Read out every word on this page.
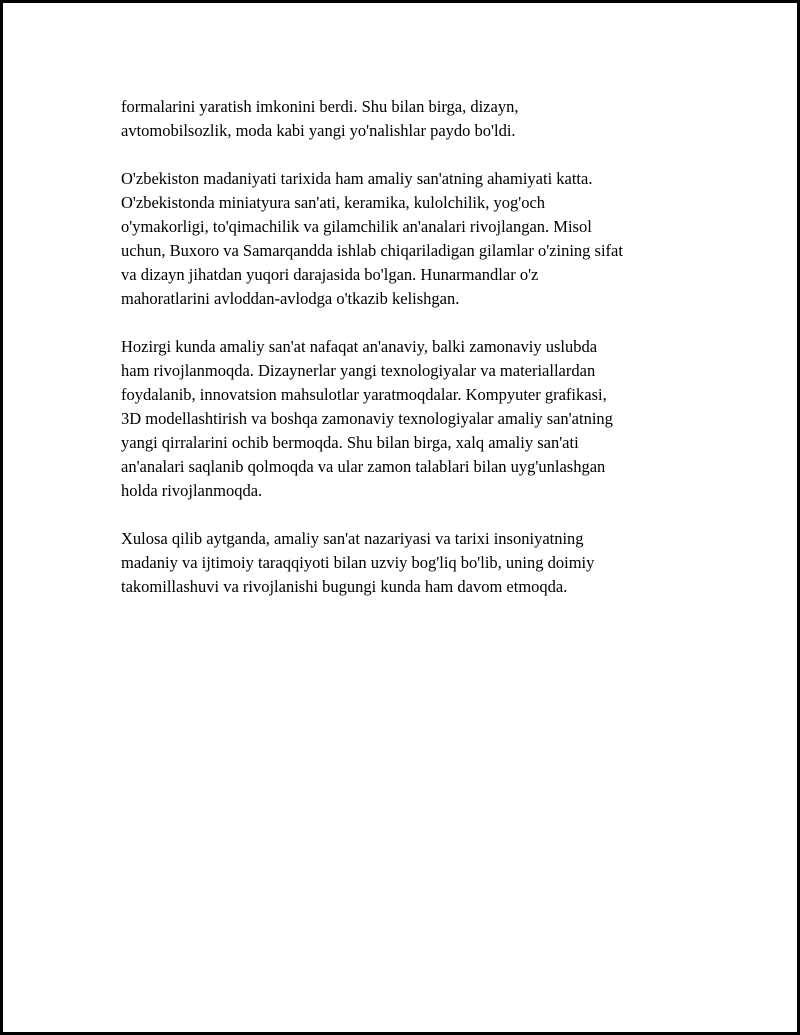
formalarini yaratish imkonini berdi. Shu bilan birga, dizayn,
avtomobilsozlik, moda kabi yangi yo'nalishlar paydo bo'ldi.

O'zbekiston madaniyati tarixida ham amaliy san'atning ahamiyati katta.
O'zbekistonda miniatyura san'ati, keramika, kulolchilik, yog'och
o'ymakorligi, to'qimachilik va gilamchilik an'analari rivojlangan. Misol
uchun, Buxoro va Samarqandda ishlab chiqariladigan gilamlar o'zining sifat
va dizayn jihatdan yuqori darajasida bo'lgan. Hunarmandlar o'z
mahoratlarini avloddan-avlodga o'tkazib kelishgan.

Hozirgi kunda amaliy san'at nafaqat an'anaviy, balki zamonaviy uslubda
ham rivojlanmoqda. Dizaynerlar yangi texnologiyalar va materiallardan
foydalanib, innovatsion mahsulotlar yaratmoqdalar. Kompyuter grafikasi,
3D modellashtirish va boshqa zamonaviy texnologiyalar amaliy san'atning
yangi qirralarini ochib bermoqda. Shu bilan birga, xalq amaliy san'ati
an'analari saqlanib qolmoqda va ular zamon talablari bilan uyg'unlashgan
holda rivojlanmoqda.

Xulosa qilib aytganda, amaliy san'at nazariyasi va tarixi insoniyatning
madaniy va ijtimoiy taraqqiyoti bilan uzviy bog'liq bo'lib, uning doimiy
takomillashuvi va rivojlanishi bugungi kunda ham davom etmoqda.
